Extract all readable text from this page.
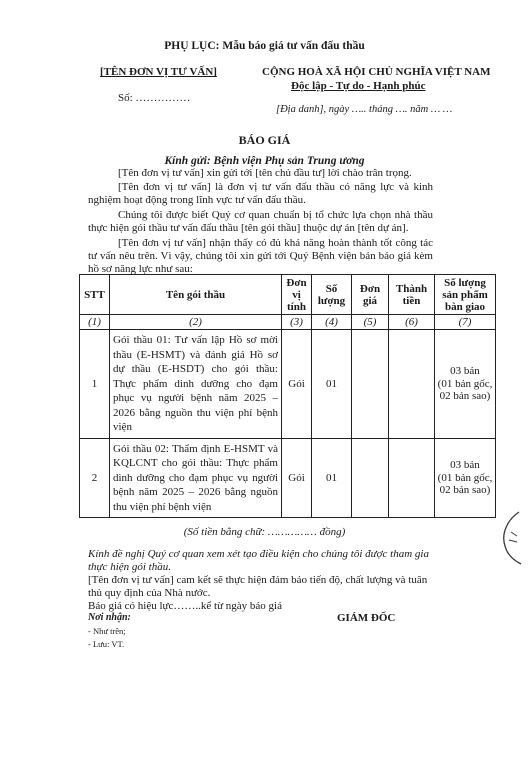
PHỤ LỤC: Mẫu báo giá tư vấn đấu thầu
[TÊN ĐƠN VỊ TƯ VẤN]
Số: ……………
CỘNG HOÀ XÃ HỘI CHỦ NGHĨA VIỆT NAM
Độc lập - Tự do - Hạnh phúc
[Địa danh], ngày ….. tháng …. năm … …
BÁO GIÁ
Kính gửi: Bệnh viện Phụ sản Trung ương
[Tên đơn vị tư vấn] xin gửi tới [tên chủ đầu tư] lời chào trân trọng.
[Tên đơn vị tư vấn] là đơn vị tư vấn đấu thầu có năng lực và kinh nghiệm hoạt động trong lĩnh vực tư vấn đấu thầu.
Chúng tôi được biết Quý cơ quan chuẩn bị tổ chức lựa chọn nhà thầu thực hiện gói thầu tư vấn đấu thầu [tên gói thầu] thuộc dự án [tên dự án].
[Tên đơn vị tư vấn] nhận thấy có đủ khả năng hoàn thành tốt công tác tư vấn nêu trên. Vì vậy, chúng tôi xin gửi tới Quý Bệnh viện bản báo giá kèm hồ sơ năng lực như sau:
STT	Tên gói thầu	Đơn vị tính	Số lượng	Đơn giá	Thành tiền	Số lượng sản phẩm bàn giao
(1)	(2)	(3)	(4)	(5)	(6)	(7)
1	Gói thầu 01: Tư vấn lập Hồ sơ mời thầu (E-HSMT) và đánh giá Hồ sơ dự thầu (E-HSDT) cho gói thầu: Thực phẩm dinh dưỡng cho đạm phục vụ người bệnh năm 2025 – 2026 bằng nguồn thu viện phí bệnh viện	Gói	01			03 bản
(01 bản gốc, 02 bản sao)

2	Gói thầu 02: Thẩm định E-HSMT và KQLCNT cho gói thầu: Thực phẩm dinh dưỡng cho đạm phục vụ người bệnh năm 2025 – 2026 bằng nguồn thu viện phí bệnh viện	Gói	01			03 bản
(01 bản gốc, 02 bản sao)
(Số tiền bằng chữ: …………… đồng)
Kính đề nghị Quý cơ quan xem xét tạo điều kiện cho chúng tôi được tham gia thực hiện gói thầu.
[Tên đơn vị tư vấn] cam kết sẽ thực hiện đảm bảo tiến độ, chất lượng và tuân thủ quy định của Nhà nước.
Báo giá có hiệu lực……..kể từ ngày báo giá
Nơi nhận:
- Như trên;
- Lưu: VT.
GIÁM ĐỐC
